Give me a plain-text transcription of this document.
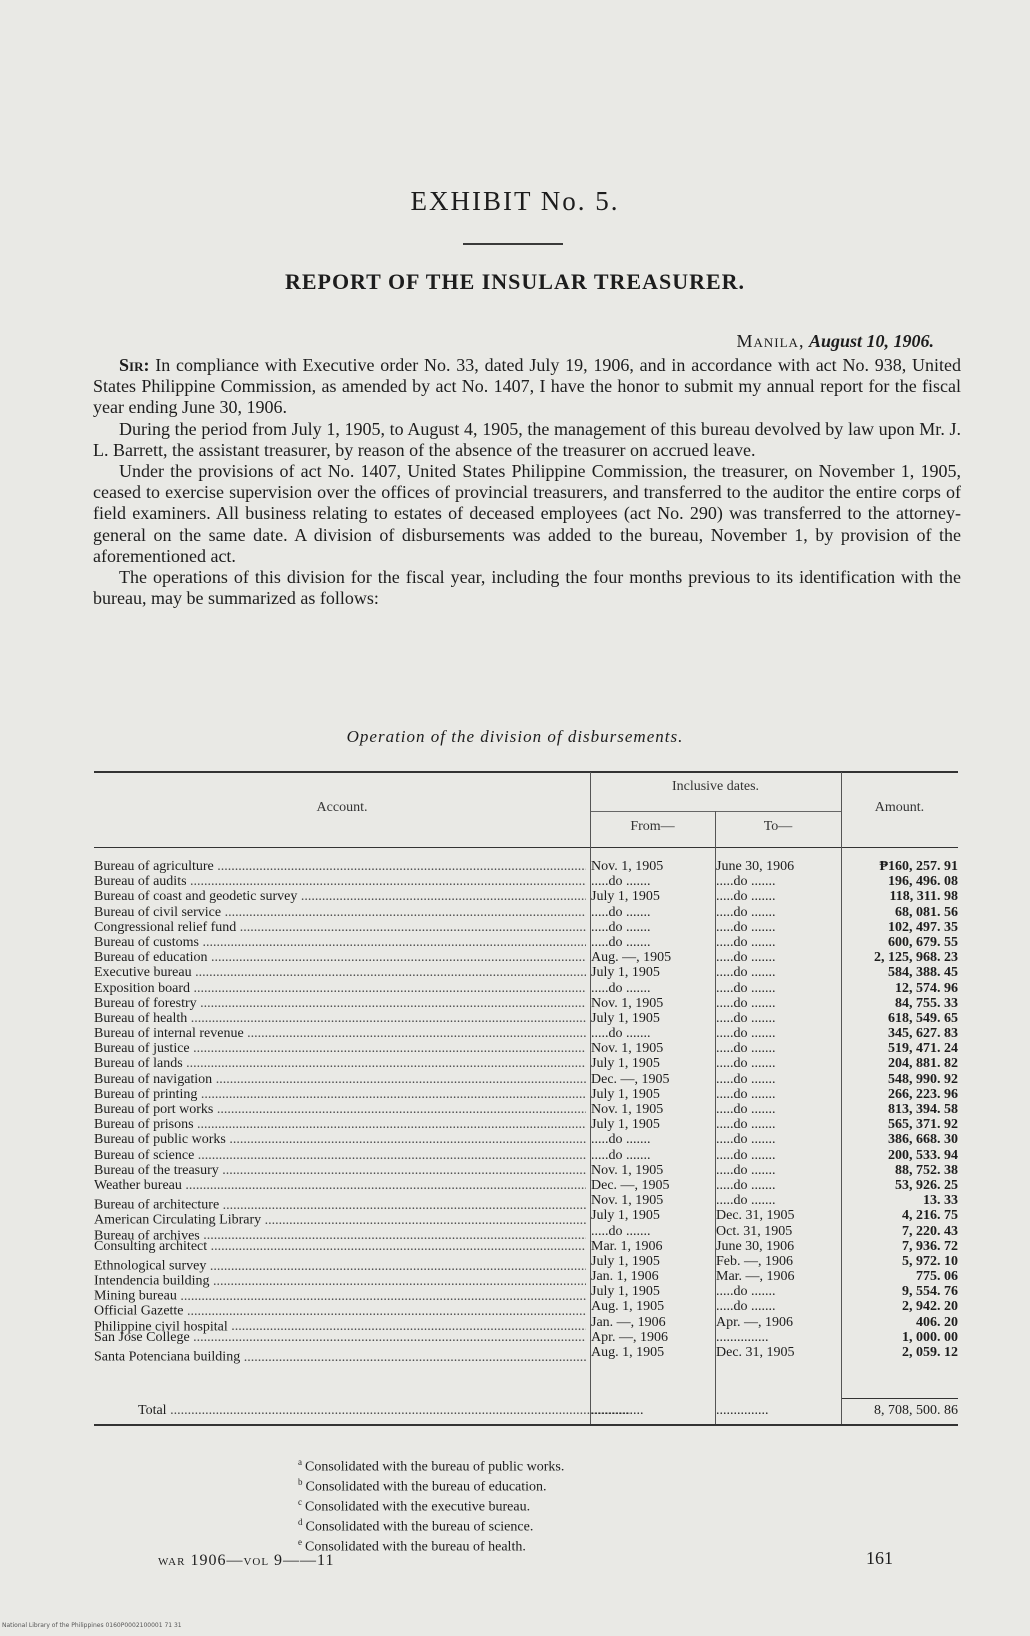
EXHIBIT No. 5.
REPORT OF THE INSULAR TREASURER.
Manila, August 10, 1906.

Sir: In compliance with Executive order No. 33, dated July 19, 1906, and in accordance with act No. 938, United States Philippine Commission, as amended by act No. 1407, I have the honor to submit my annual report for the fiscal year ending June 30, 1906.

During the period from July 1, 1905, to August 4, 1905, the management of this bureau devolved by law upon Mr. J. L. Barrett, the assistant treasurer, by reason of the absence of the treasurer on accrued leave.

Under the provisions of act No. 1407, United States Philippine Commission, the treasurer, on November 1, 1905, ceased to exercise supervision over the offices of provincial treasurers, and transferred to the auditor the entire corps of field examiners. All business relating to estates of deceased employees (act No. 290) was transferred to the attorney-general on the same date. A division of disbursements was added to the bureau, November 1, by provision of the aforementioned act.

The operations of this division for the fiscal year, including the four months previous to its identification with the bureau, may be summarized as follows:

Operation of the division of disbursements.
Account.
Inclusive dates.
From—	To—
Amount.
Bureau of agriculture .....	Nov. 1, 1905	June 30, 1906	₱160, 257. 91
Bureau of audits .....	.....do .......	.....do .......	196, 496. 08
Bureau of coast and geodetic survey .....	July 1, 1905	.....do .......	118, 311. 98
Bureau of civil service .....	.....do .......	.....do .......	68, 081. 56
Congressional relief fund .....	.....do .......	.....do .......	102, 497. 35
Bureau of customs .....	.....do .......	.....do .......	600, 679. 55
Bureau of education .....	Aug. —, 1905	.....do .......	2, 125, 968. 23
Executive bureau .....	July 1, 1905	.....do .......	584, 388. 45
Exposition board .....	.....do .......	.....do .......	12, 574. 96
Bureau of forestry .....	Nov. 1, 1905	.....do .......	84, 755. 33
Bureau of health .....	July 1, 1905	.....do .......	618, 549. 65
Bureau of internal revenue .....	.....do .......	.....do .......	345, 627. 83
Bureau of justice .....	Nov. 1, 1905	.....do .......	519, 471. 24
Bureau of lands .....	July 1, 1905	.....do .......	204, 881. 82
Bureau of navigation .....	Dec. —, 1905	.....do .......	548, 990. 92
Bureau of printing .....	July 1, 1905	.....do .......	266, 223. 96
Bureau of port works .....	Nov. 1, 1905	.....do .......	813, 394. 58
Bureau of prisons .....	July 1, 1905	.....do .......	565, 371. 92
Bureau of public works .....	.....do .......	.....do .......	386, 668. 30
Bureau of science .....	.....do .......	.....do .......	200, 533. 94
Bureau of the treasury .....	Nov. 1, 1905	.....do .......	88, 752. 38
Weather bureau .....	Dec. —, 1905	.....do .......	53, 926. 25
Bureau of architecture .....	Nov. 1, 1905	.....do .......	13. 33
American Circulating Library .....	July 1, 1905	Dec. 31, 1905	4, 216. 75
Bureau of archives .....	.....do .......	Oct. 31, 1905	7, 220. 43
Consulting architect .....	Mar. 1, 1906	June 30, 1906	7, 936. 72
Ethnological survey .....	July 1, 1905	Feb. —, 1906	5, 972. 10
Intendencia building .....	Jan. 1, 1906	Mar. —, 1906	775. 06
Mining bureau .....	July 1, 1905	.....do .......	9, 554. 76
Official Gazette .....	Aug. 1, 1905	.....do .......	2, 942. 20
Philippine civil hospital .....	Jan. —, 1906	Apr. —, 1906	406. 20
San Jose College .....	Apr. —, 1906	...............	1, 000. 00
Santa Potenciana building .....	Aug. 1, 1905	Dec. 31, 1905	2, 059. 12
Total .....	...............	...............	8, 708, 500. 86
$^a$ Consolidated with the bureau of public works.
$^b$ Consolidated with the bureau of education.
$^c$ Consolidated with the executive bureau.
$^d$ Consolidated with the bureau of science.
$^e$ Consolidated with the bureau of health.
war 1906—vol 9——11	161
National Library of the Philippines 0160P0002100001 71 31
